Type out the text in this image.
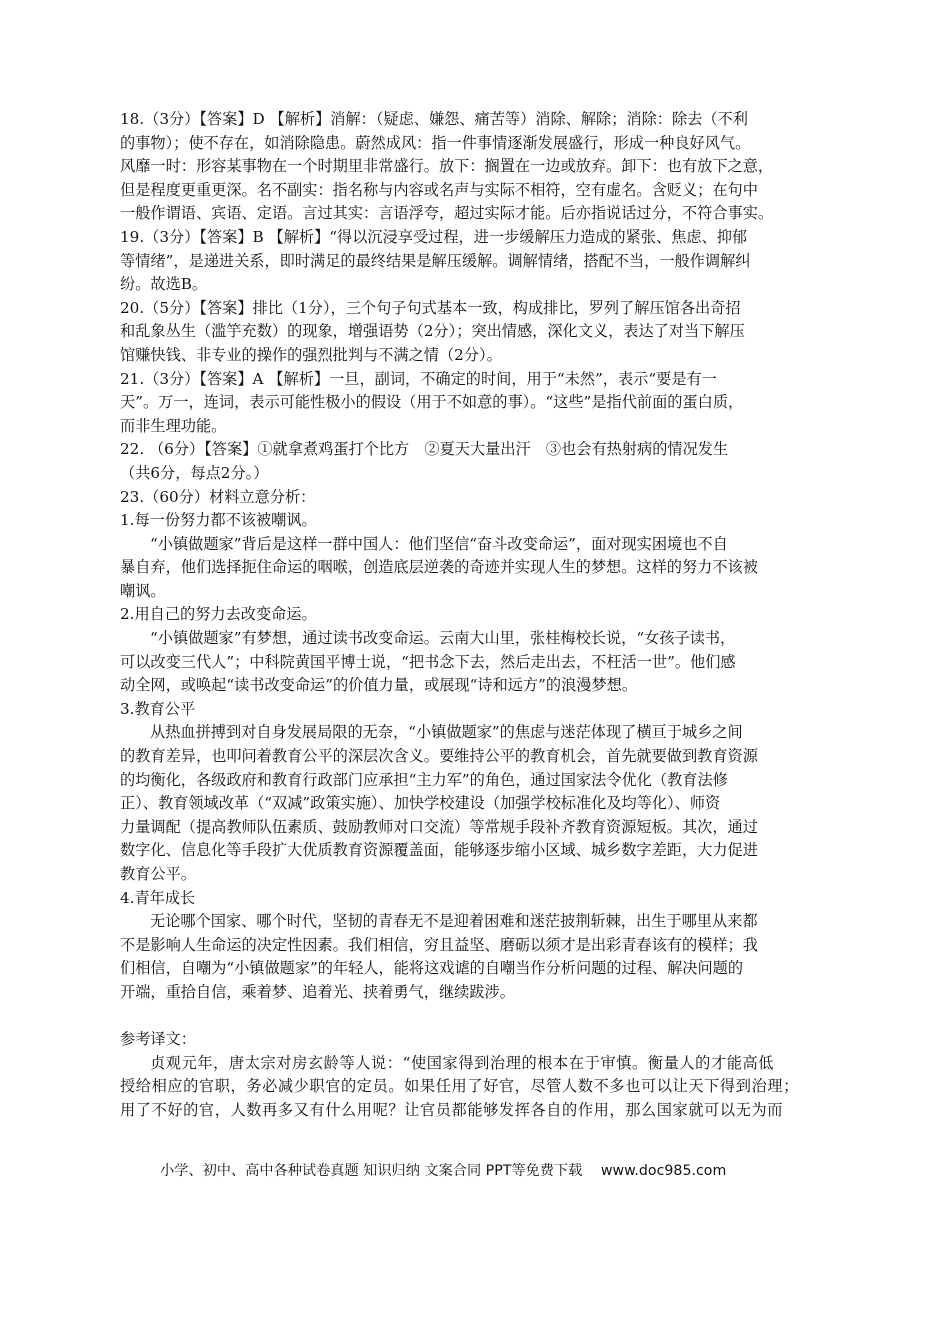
18.（3分）【答案】D 【解析】消解：（疑虑、嫌怨、痛苦等）消除、解除；消除：除去（不利
的事物）；使不存在，如消除隐患。蔚然成风：指一件事情逐渐发展盛行，形成一种良好风气。
风靡一时：形容某事物在一个时期里非常盛行。放下：搁置在一边或放弃。卸下：也有放下之意，
但是程度更重更深。名不副实：指名称与内容或名声与实际不相符，空有虚名。含贬义；在句中
一般作谓语、宾语、定语。言过其实：言语浮夸，超过实际才能。后亦指说话过分，不符合事实。
19.（3分）【答案】B 【解析】“得以沉浸享受过程，进一步缓解压力造成的紧张、焦虑、抑郁
等情绪”，是递进关系，即时满足的最终结果是解压缓解。调解情绪，搭配不当，一般作调解纠
纷。故选B。
20.（5分）【答案】排比（1分），三个句子句式基本一致，构成排比，罗列了解压馆各出奇招
和乱象丛生（滥竽充数）的现象，增强语势（2分）；突出情感，深化文义，表达了对当下解压
馆赚快钱、非专业的操作的强烈批判与不满之情（2分）。
21.（3分）【答案】A 【解析】一旦，副词，不确定的时间，用于“未然”，表示“要是有一
天”。万一，连词，表示可能性极小的假设（用于不如意的事）。“这些”是指代前面的蛋白质，
而非生理功能。
22. （6分）【答案】①就拿煮鸡蛋打个比方　②夏天大量出汗　③也会有热射病的情况发生
（共6分，每点2分。）
23.（60分）材料立意分析：
1.每一份努力都不该被嘲讽。
“小镇做题家”背后是这样一群中国人：他们坚信“奋斗改变命运”，面对现实困境也不自
暴自弃，他们选择扼住命运的咽喉，创造底层逆袭的奇迹并实现人生的梦想。这样的努力不该被
嘲讽。
2.用自己的努力去改变命运。
“小镇做题家”有梦想，通过读书改变命运。云南大山里，张桂梅校长说，“女孩子读书，
可以改变三代人”；中科院黄国平博士说，“把书念下去，然后走出去，不枉活一世”。他们感
动全网，或唤起“读书改变命运”的价值力量，或展现“诗和远方”的浪漫梦想。
3.教育公平
从热血拼搏到对自身发展局限的无奈，“小镇做题家”的焦虑与迷茫体现了横亘于城乡之间
的教育差异，也叩问着教育公平的深层次含义。要维持公平的教育机会，首先就要做到教育资源
的均衡化，各级政府和教育行政部门应承担“主力军”的角色，通过国家法令优化（教育法修
正）、教育领域改革（“双减”政策实施）、加快学校建设（加强学校标准化及均等化）、师资
力量调配（提高教师队伍素质、鼓励教师对口交流）等常规手段补齐教育资源短板。其次，通过
数字化、信息化等手段扩大优质教育资源覆盖面，能够逐步缩小区域、城乡数字差距，大力促进
教育公平。
4.青年成长
无论哪个国家、哪个时代，坚韧的青春无不是迎着困难和迷茫披荆斩棘，出生于哪里从来都
不是影响人生命运的决定性因素。我们相信，穷且益坚、磨砺以须才是出彩青春该有的模样；我
们相信，自嘲为“小镇做题家”的年轻人，能将这戏谑的自嘲当作分析问题的过程、解决问题的
开端，重拾自信，乘着梦、追着光、挟着勇气，继续跋涉。
参考译文：
贞观元年，唐太宗对房玄龄等人说：“使国家得到治理的根本在于审慎。衡量人的才能高低
授给相应的官职，务必减少职官的定员。如果任用了好官，尽管人数不多也可以让天下得到治理；
用了不好的官，人数再多又有什么用呢？让官员都能够发挥各自的作用，那么国家就可以无为而
小学、初中、高中各种试卷真题 知识归纳 文案合同 PPT等免费下载 www.doc985.com
